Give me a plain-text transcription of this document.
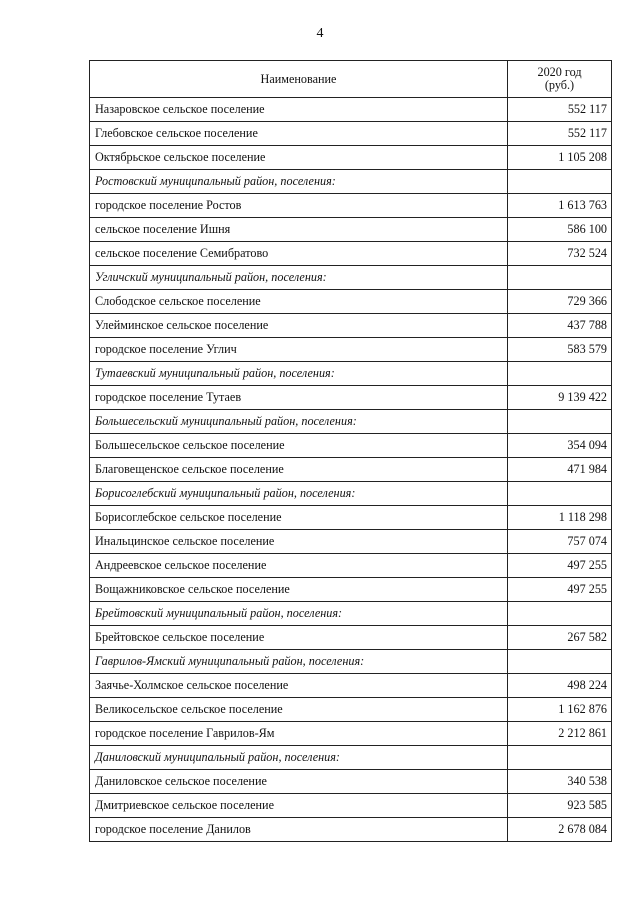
4
Наименование	2020 год
(руб.)
Назаровское сельское поселение	552 117
Глебовское сельское поселение	552 117
Октябрьское сельское поселение	1 105 208
Ростовский муниципальный район, поселения:	
городское поселение Ростов	1 613 763
сельское поселение Ишня	586 100
сельское поселение Семибратово	732 524
Угличский муниципальный район, поселения:	
Слободское сельское поселение	729 366
Улейминское сельское поселение	437 788
городское поселение Углич	583 579
Тутаевский муниципальный район, поселения:	
городское поселение Тутаев	9 139 422
Большесельский муниципальный район, поселения:	
Большесельское сельское поселение	354 094
Благовещенское сельское поселение	471 984
Борисоглебский муниципальный район, поселения:	
Борисоглебское сельское поселение	1 118 298
Инальцинское сельское поселение	757 074
Андреевское сельское поселение	497 255
Вощажниковское сельское поселение	497 255
Брейтовский муниципальный район, поселения:	
Брейтовское сельское поселение	267 582
Гаврилов-Ямский муниципальный район, поселения:	
Заячье-Холмское сельское поселение	498 224
Великосельское сельское поселение	1 162 876
городское поселение Гаврилов-Ям	2 212 861
Даниловский муниципальный район, поселения:	
Даниловское сельское поселение	340 538
Дмитриевское сельское поселение	923 585
городское поселение Данилов	2 678 084
